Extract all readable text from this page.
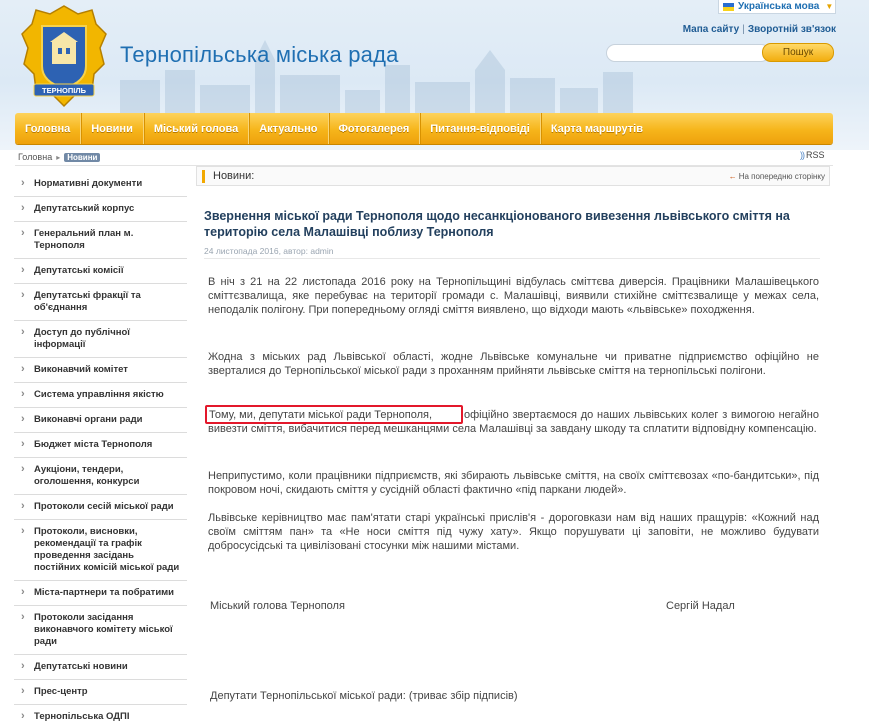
ТЕРНОПІЛЬ
Тернопільська міська рада
Українська мова ▼
Мапа сайту | Зворотній зв'язок
Пошук
Головна	Новини	Міський голова	Актуально	Фотогалерея	Питання-відповіді	Карта маршрутів
Головна ▸ Новини	)) RSS
› Нормативні документи
› Депутатський корпус
› Генеральний план м. Тернополя
› Депутатські комісії
› Депутатські фракції та об'єднання
› Доступ до публічної інформації
› Виконавчий комітет
› Система управління якістю
› Виконавчі органи ради
› Бюджет міста Тернополя
› Аукціони, тендери, оголошення, конкурси
› Протоколи сесій міської ради
› Протоколи, висновки, рекомендації та графік проведення засідань постійних комісій міської ради
› Міста-партнери та побратими
› Протоколи засідання виконавчого комітету міської ради
› Депутатські новини
› Прес-центр
› Тернопільська ОДПІ
Новини:	← На попередню сторінку
Звернення міської ради Тернополя щодо несанкціонованого вивезення львівського сміття на територію села Малашівці поблизу Тернополя
24 листопада 2016, автор: admin
В ніч з 21 на 22 листопада 2016 року на Тернопільщині відбулась сміттєва диверсія. Працівники Малашівецького сміттєзвалища, яке перебуває на території громади с. Малашівці, виявили стихійне сміттєзвалище у межах села, неподалік полігону. При попередньому огляді сміття виявлено, що відходи мають «львівське» походження.
Жодна з міських рад Львівської області, жодне Львівське комунальне чи приватне підприємство офіційно не зверталися до Тернопільської міської ради з проханням прийняти львівське сміття на тернопільські полігони.
Тому, ми, депутати міської ради Тернополя,	офіційно звертаємося до наших львівських колег з вимогою негайно вивезти сміття, вибачитися перед мешканцями села Малашівці за завдану шкоду та сплатити відповідну компенсацію.
Неприпустимо, коли працівники підприємств, які збирають львівське сміття, на своїх сміттєвозах «по-бандитськи», під покровом ночі, скидають сміття у сусідній області фактично «під паркани людей».
Львівське керівництво має пам'ятати старі українські прислів'я - дороговкази нам від наших пращурів: «Кожний над своїм сміттям пан» та «Не носи сміття під чужу хату». Якщо порушувати ці заповіти, не можливо будувати добросусідські та цивілізовані стосунки між нашими містами.
Міський голова Тернополя	Сергій Надал
Депутати Тернопільської міської ради: (триває збір підписів)
